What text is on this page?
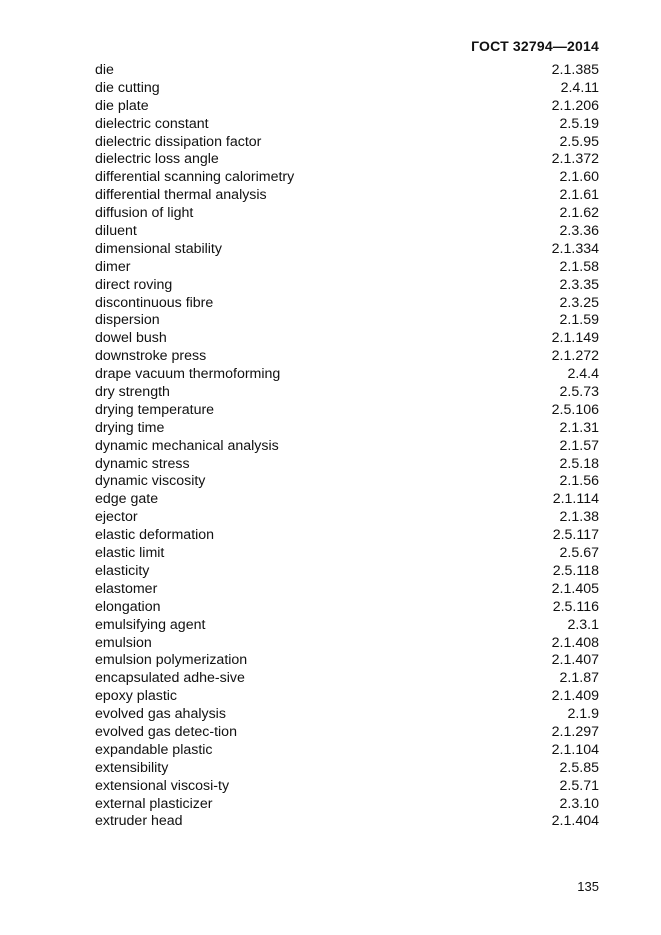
ГОСТ 32794—2014
die	2.1.385
die cutting	2.4.11
die plate	2.1.206
dielectric constant	2.5.19
dielectric dissipation factor	2.5.95
dielectric loss angle	2.1.372
differential scanning calorimetry	2.1.60
differential thermal analysis	2.1.61
diffusion of light	2.1.62
diluent	2.3.36
dimensional stability	2.1.334
dimer	2.1.58
direct roving	2.3.35
discontinuous fibre	2.3.25
dispersion	2.1.59
dowel bush	2.1.149
downstroke press	2.1.272
drape vacuum thermoforming	2.4.4
dry strength	2.5.73
drying temperature	2.5.106
drying time	2.1.31
dynamic mechanical analysis	2.1.57
dynamic stress	2.5.18
dynamic viscosity	2.1.56
edge gate	2.1.114
ejector	2.1.38
elastic deformation	2.5.117
elastic limit	2.5.67
elasticity	2.5.118
elastomer	2.1.405
elongation	2.5.116
emulsifying agent	2.3.1
emulsion	2.1.408
emulsion polymerization	2.1.407
encapsulated adhe-sive	2.1.87
epoxy plastic	2.1.409
evolved gas ahalysis	2.1.9
evolved gas detec-tion	2.1.297
expandable plastic	2.1.104
extensibility	2.5.85
extensional viscosi-ty	2.5.71
external plasticizer	2.3.10
extruder head	2.1.404
135
